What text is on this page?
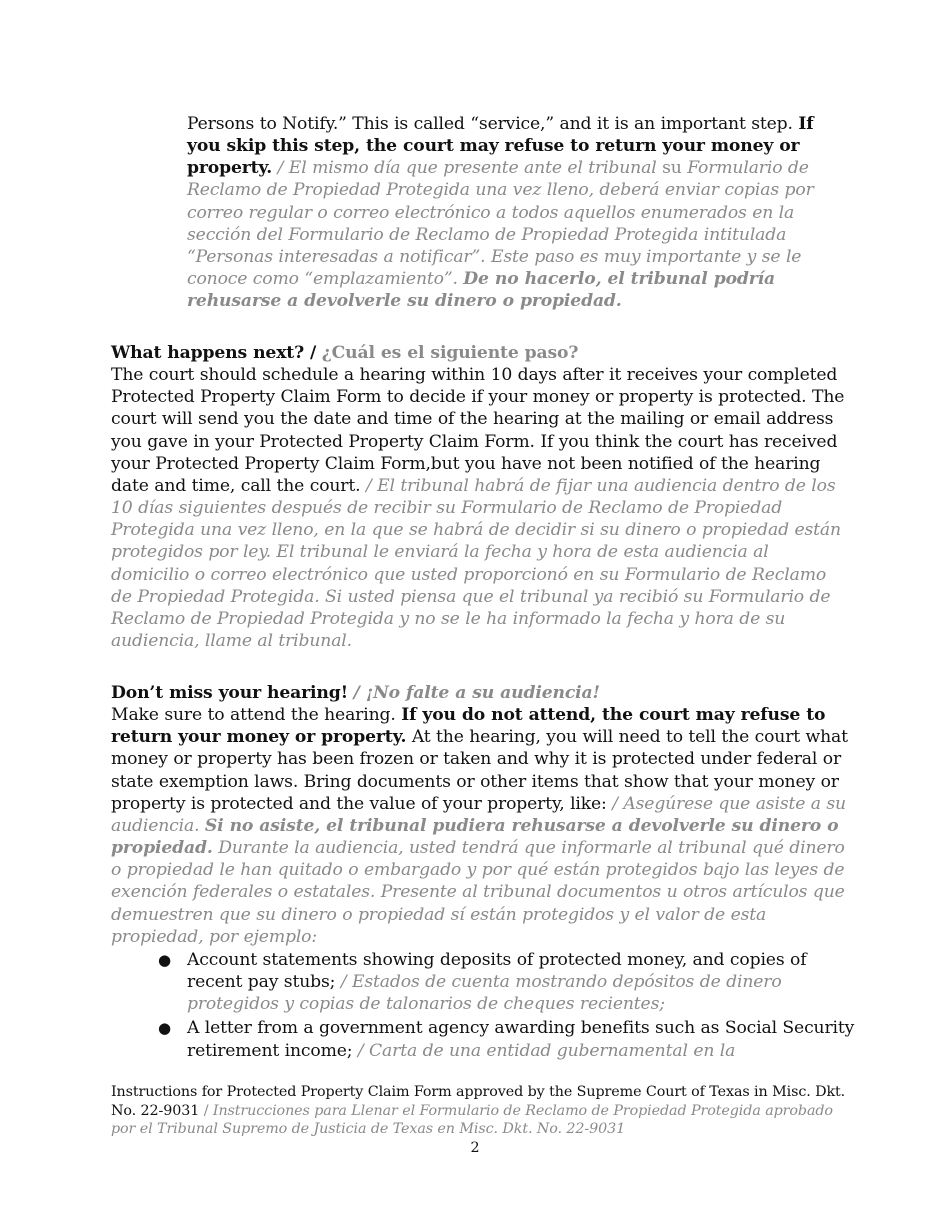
Persons to Notify.” This is called “service,” and it is an important step. If you skip this step, the court may refuse to return your money or property. / El mismo día que presente ante el tribunal su Formulario de Reclamo de Propiedad Protegida una vez lleno, deberá enviar copias por correo regular o correo electrónico a todos aquellos enumerados en la sección del Formulario de Reclamo de Propiedad Protegida intitulada “Personas interesadas a notificar”. Este paso es muy importante y se le conoce como “emplazamiento”. De no hacerlo, el tribunal podría rehusarse a devolverle su dinero o propiedad.
What happens next? / ¿Cuál es el siguiente paso?
The court should schedule a hearing within 10 days after it receives your completed Protected Property Claim Form to decide if your money or property is protected. The court will send you the date and time of the hearing at the mailing or email address you gave in your Protected Property Claim Form. If you think the court has received your Protected Property Claim Form,but you have not been notified of the hearing date and time, call the court. / El tribunal habrá de fijar una audiencia dentro de los 10 días siguientes después de recibir su Formulario de Reclamo de Propiedad Protegida una vez lleno, en la que se habrá de decidir si su dinero o propiedad están protegidos por ley. El tribunal le enviará la fecha y hora de esta audiencia al domicilio o correo electrónico que usted proporcionó en su Formulario de Reclamo de Propiedad Protegida. Si usted piensa que el tribunal ya recibió su Formulario de Reclamo de Propiedad Protegida y no se le ha informado la fecha y hora de su audiencia, llame al tribunal.
Don’t miss your hearing! / ¡No falte a su audiencia!
Make sure to attend the hearing. If you do not attend, the court may refuse to return your money or property. At the hearing, you will need to tell the court what money or property has been frozen or taken and why it is protected under federal or state exemption laws. Bring documents or other items that show that your money or property is protected and the value of your property, like: / Asegúrese que asiste a su audiencia. Si no asiste, el tribunal pudiera rehusarse a devolverle su dinero o propiedad. Durante la audiencia, usted tendrá que informarle al tribunal qué dinero o propiedad le han quitado o embargado y por qué están protegidos bajo las leyes de exención federales o estatales. Presente al tribunal documentos u otros artículos que demuestren que su dinero o propiedad sí están protegidos y el valor de esta propiedad, por ejemplo:
● Account statements showing deposits of protected money, and copies of recent pay stubs; / Estados de cuenta mostrando depósitos de dinero protegidos y copias de talonarios de cheques recientes;
● A letter from a government agency awarding benefits such as Social Security retirement income; / Carta de una entidad gubernamental en la
Instructions for Protected Property Claim Form approved by the Supreme Court of Texas in Misc. Dkt. No. 22-9031 / Instrucciones para Llenar el Formulario de Reclamo de Propiedad Protegida aprobado por el Tribunal Supremo de Justicia de Texas en Misc. Dkt. No. 22-9031
2
